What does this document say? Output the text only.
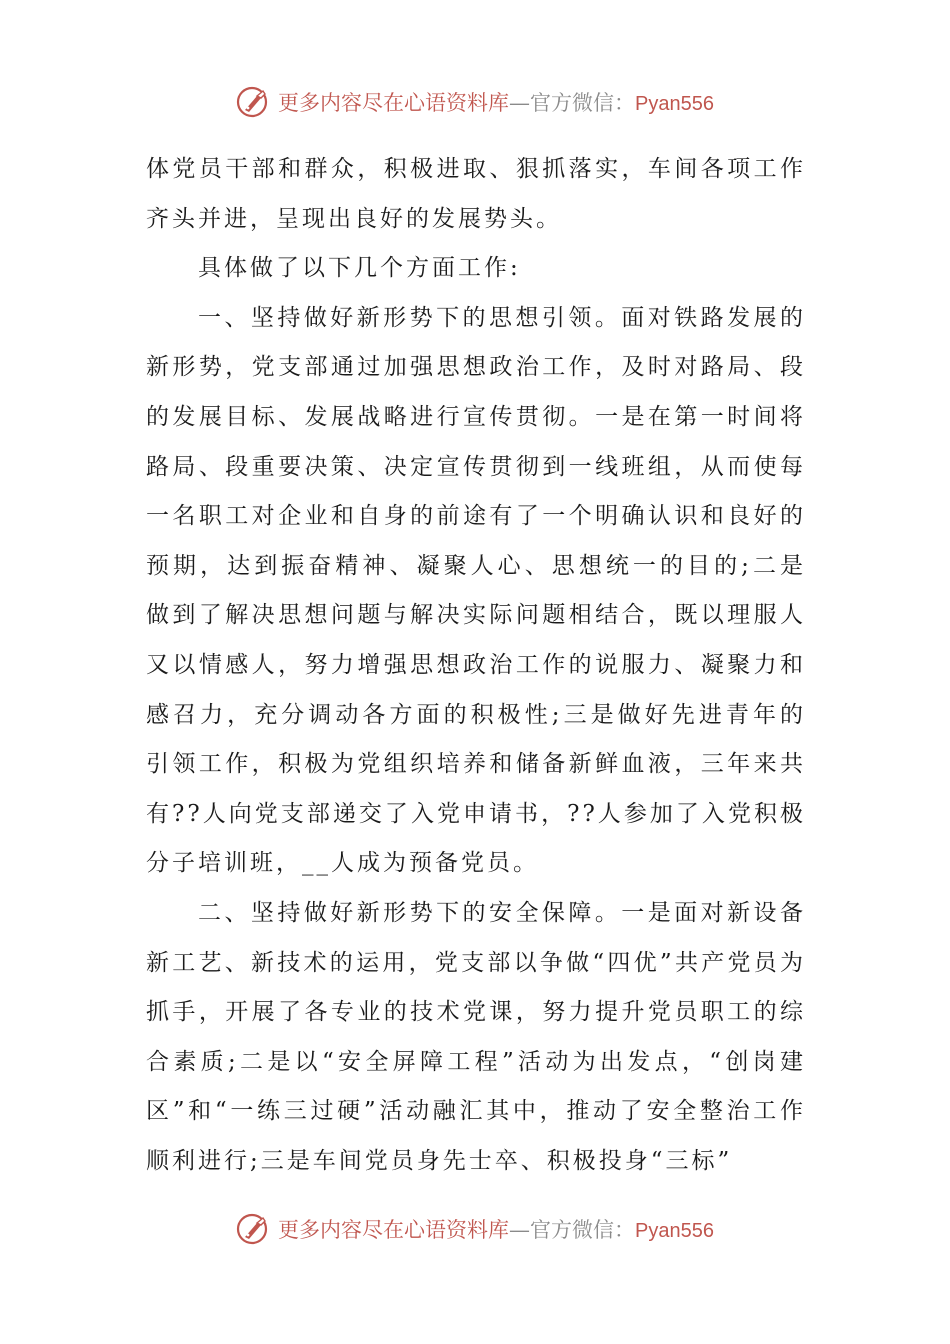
更多内容尽在心语资料库 — 官方微信： Pyan556

体党员干部和群众，积极进取、狠抓落实，车间各项工作齐头并进，呈现出良好的发展势头。

具体做了以下几个方面工作:

一、坚持做好新形势下的思想引领。面对铁路发展的新形势，党支部通过加强思想政治工作，及时对路局、段的发展目标、发展战略进行宣传贯彻。一是在第一时间将路局、段重要决策、决定宣传贯彻到一线班组，从而使每一名职工对企业和自身的前途有了一个明确认识和良好的预期，达到振奋精神、凝聚人心、思想统一的目的;二是做到了解决思想问题与解决实际问题相结合，既以理服人又以情感人，努力增强思想政治工作的说服力、凝聚力和感召力，充分调动各方面的积极性;三是做好先进青年的引领工作，积极为党组织培养和储备新鲜血液，三年来共有??人向党支部递交了入党申请书，??人参加了入党积极分子培训班，__人成为预备党员。

二、坚持做好新形势下的安全保障。一是面对新设备新工艺、新技术的运用，党支部以争做“四优”共产党员为抓手，开展了各专业的技术党课，努力提升党员职工的综合素质;二是以“安全屏障工程”活动为出发点，“创岗建区”和“一练三过硬”活动融汇其中，推动了安全整治工作顺利进行;三是车间党员身先士卒、积极投身“三标”

更多内容尽在心语资料库 — 官方微信： Pyan556
